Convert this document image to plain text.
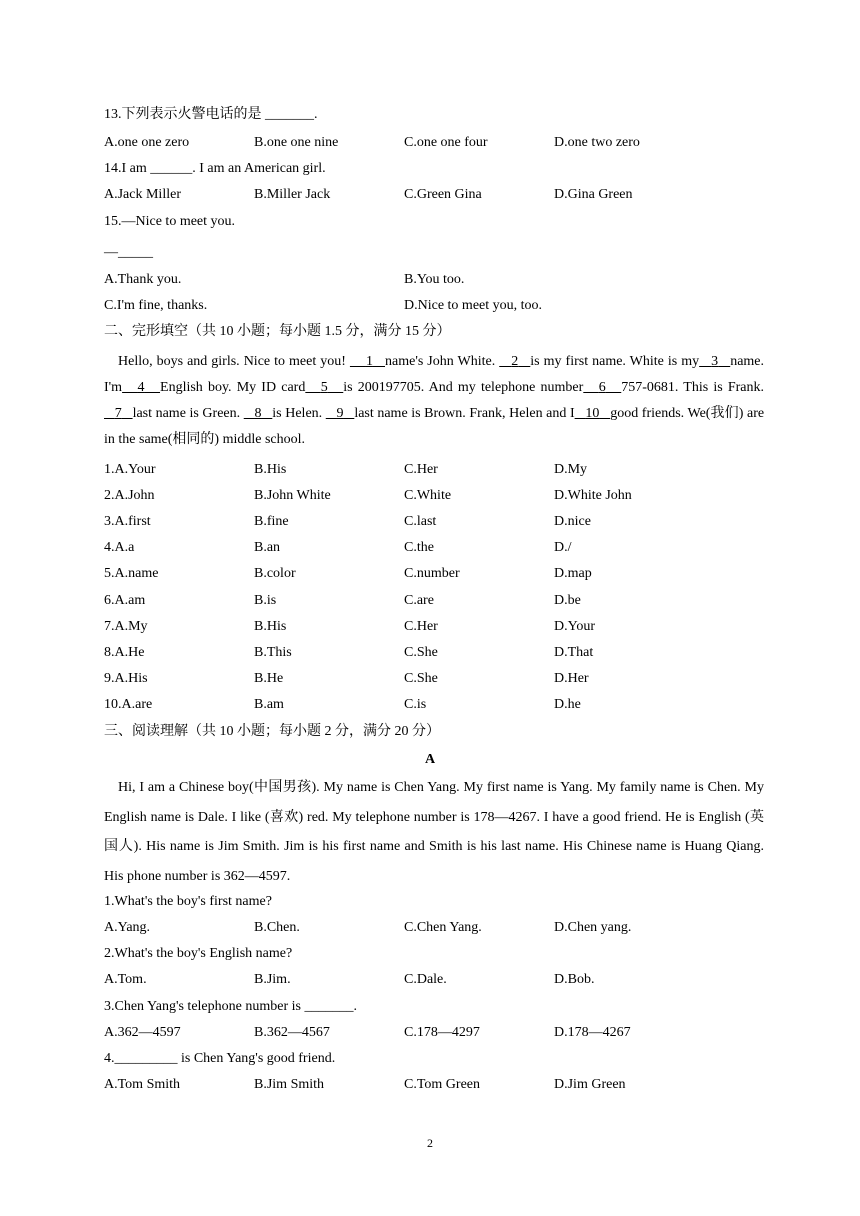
13.下列表示火警电话的是 _______.
A.one one zero	B.one one nine	C.one one four	D.one two zero
14.I am ______. I am an American girl.
A.Jack Miller	B.Miller Jack	C.Green Gina	D.Gina Green
15.—Nice to meet you.
—_____
A.Thank you.	B.You too.
C.I'm fine, thanks.	D.Nice to meet you, too.
二、完形填空（共 10 小题；每小题 1.5 分，满分 15 分）
Hello, boys and girls. Nice to meet you!     1 name's John White.    2 is my first name. White is my 3 name. I'm 4 English boy. My ID card 5 is 200197705. And my telephone number 6 757-0681. This is Frank.    7 last name is Green.    8 is Helen.    9 last name is Brown. Frank, Helen and I 10 good friends. We(我们) are in the same(相同的) middle school.
1.A.Your	B.His	C.Her	D.My
2.A.John	B.John White	C.White	D.White John
3.A.first	B.fine	C.last	D.nice
4.A.a	B.an	C.the	D./
5.A.name	B.color	C.number	D.map
6.A.am	B.is	C.are	D.be
7.A.My	B.His	C.Her	D.Your
8.A.He	B.This	C.She	D.That
9.A.His	B.He	C.She	D.Her
10.A.are	B.am	C.is	D.he
三、阅读理解（共 10 小题；每小题 2 分，满分 20 分）
A
Hi, I am a Chinese boy(中国男孩). My name is Chen Yang. My first name is Yang. My family name is Chen. My English name is Dale. I like (喜欢) red. My telephone number is 178—4267. I have a good friend. He is English (英国人). His name is Jim Smith. Jim is his first name and Smith is his last name. His Chinese name is Huang Qiang. His phone number is 362—4597.
1.What's the boy's first name?
A.Yang.	B.Chen.	C.Chen Yang.	D.Chen yang.
2.What's the boy's English name?
A.Tom.	B.Jim.	C.Dale.	D.Bob.
3.Chen Yang's telephone number is _______.
A.362—4597	B.362—4567	C.178—4297	D.178—4267
4._________ is Chen Yang's good friend.
A.Tom Smith	B.Jim Smith	C.Tom Green	D.Jim Green
2
